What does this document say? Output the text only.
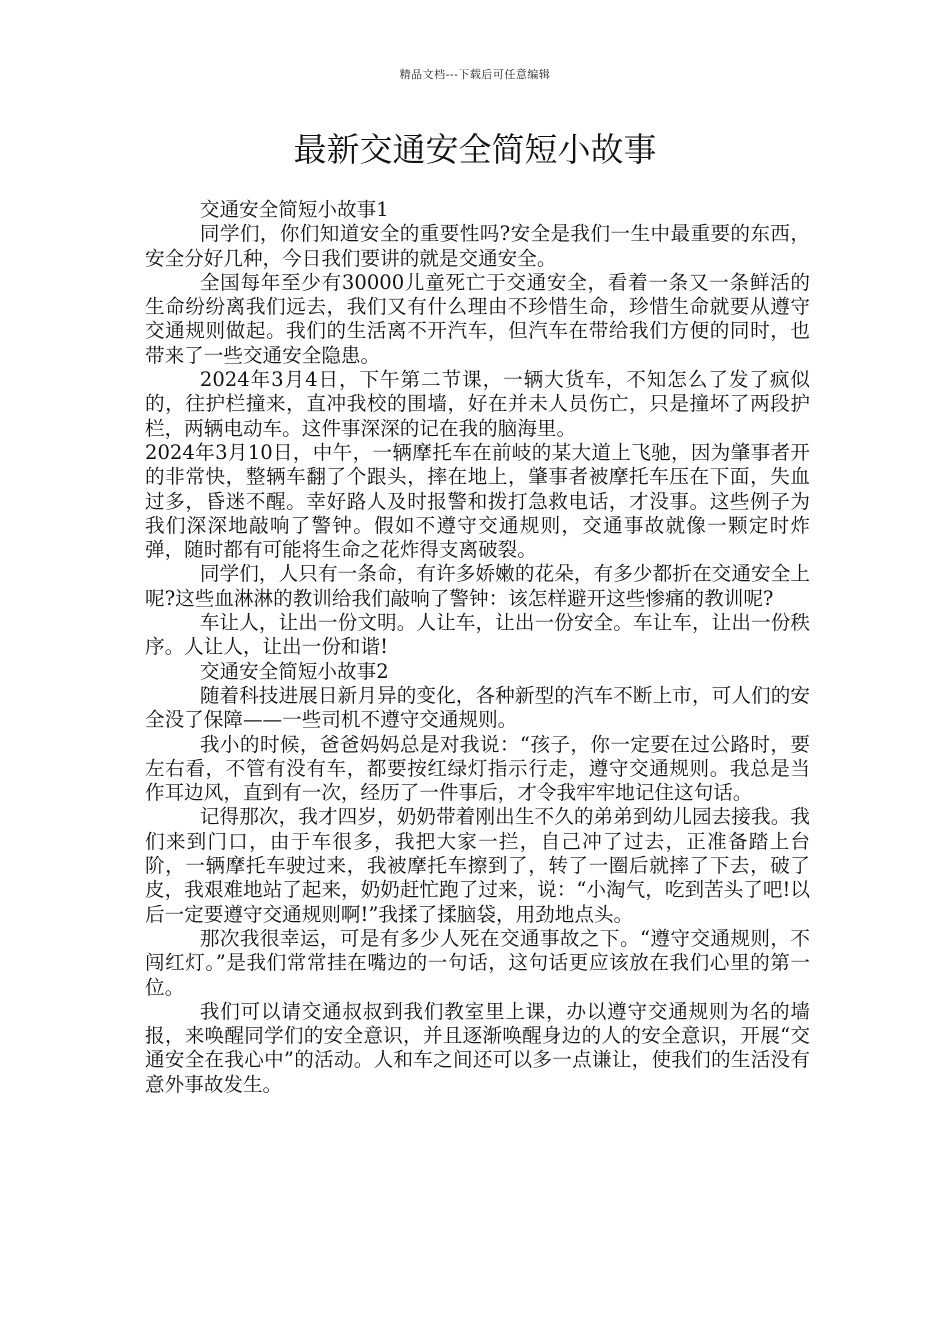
精品文档---下载后可任意编辑
最新交通安全简短小故事

交通安全简短小故事1

同学们，你们知道安全的重要性吗?安全是我们一生中最重要的东西，安全分好几种，今日我们要讲的就是交通安全。

全国每年至少有30000儿童死亡于交通安全，看着一条又一条鲜活的生命纷纷离我们远去，我们又有什么理由不珍惜生命，珍惜生命就要从遵守交通规则做起。我们的生活离不开汽车，但汽车在带给我们方便的同时，也带来了一些交通安全隐患。

2024年3月4日，下午第二节课，一辆大货车，不知怎么了发了疯似的，往护栏撞来，直冲我校的围墙，好在并未人员伤亡，只是撞坏了两段护栏，两辆电动车。这件事深深的记在我的脑海里。

2024年3月10日，中午，一辆摩托车在前岐的某大道上飞驰，因为肇事者开的非常快，整辆车翻了个跟头，摔在地上，肇事者被摩托车压在下面，失血过多，昏迷不醒。幸好路人及时报警和拨打急救电话，才没事。这些例子为我们深深地敲响了警钟。假如不遵守交通规则，交通事故就像一颗定时炸弹，随时都有可能将生命之花炸得支离破裂。

同学们，人只有一条命，有许多娇嫩的花朵，有多少都折在交通安全上呢?这些血淋淋的教训给我们敲响了警钟：该怎样避开这些惨痛的教训呢?

车让人，让出一份文明。人让车，让出一份安全。车让车，让出一份秩序。人让人，让出一份和谐!

交通安全简短小故事2

随着科技进展日新月异的变化，各种新型的汽车不断上市，可人们的安全没了保障——一些司机不遵守交通规则。

我小的时候，爸爸妈妈总是对我说：“孩子，你一定要在过公路时，要左右看，不管有没有车，都要按红绿灯指示行走，遵守交通规则。我总是当作耳边风，直到有一次，经历了一件事后，才令我牢牢地记住这句话。

记得那次，我才四岁，奶奶带着刚出生不久的弟弟到幼儿园去接我。我们来到门口，由于车很多，我把大家一拦，自己冲了过去，正准备踏上台阶，一辆摩托车驶过来，我被摩托车擦到了，转了一圈后就摔了下去，破了皮，我艰难地站了起来，奶奶赶忙跑了过来，说：“小淘气，吃到苦头了吧!以后一定要遵守交通规则啊!”我揉了揉脑袋，用劲地点头。

那次我很幸运，可是有多少人死在交通事故之下。“遵守交通规则，不闯红灯。”是我们常常挂在嘴边的一句话，这句话更应该放在我们心里的第一位。

我们可以请交通叔叔到我们教室里上课，办以遵守交通规则为名的墙报，来唤醒同学们的安全意识，并且逐渐唤醒身边的人的安全意识，开展“交通安全在我心中”的活动。人和车之间还可以多一点谦让，使我们的生活没有意外事故发生。
